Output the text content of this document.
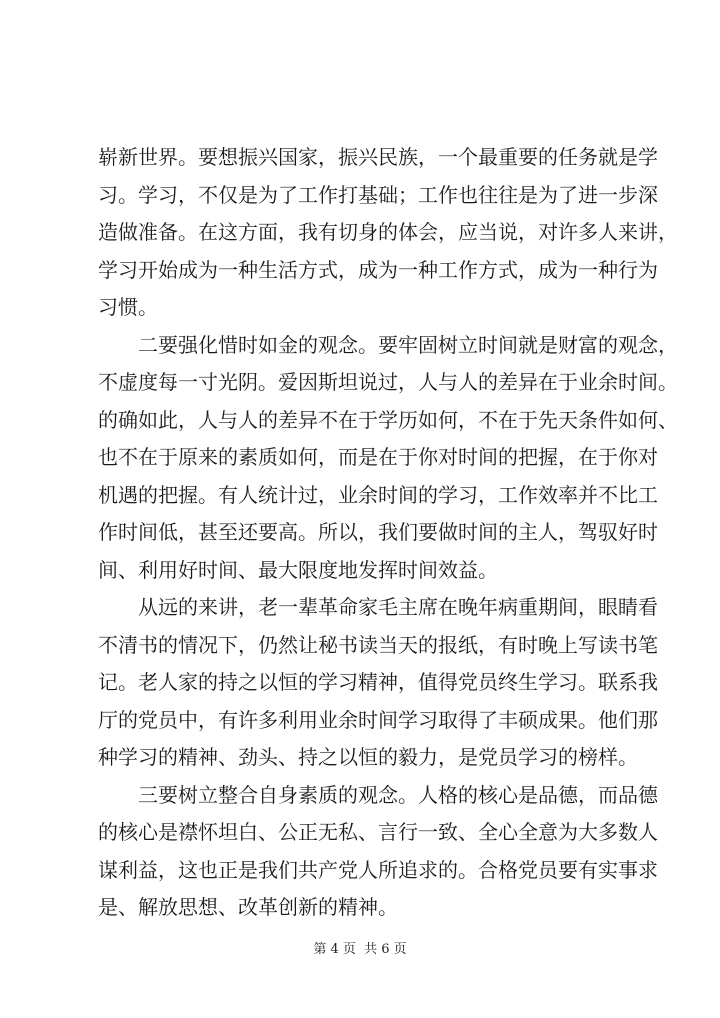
崭新世界。要想振兴国家，振兴民族，一个最重要的任务就是学
习。学习，不仅是为了工作打基础；工作也往往是为了进一步深
造做准备。在这方面，我有切身的体会，应当说，对许多人来讲，
学习开始成为一种生活方式，成为一种工作方式，成为一种行为
习惯。
二要强化惜时如金的观念。要牢固树立时间就是财富的观念，
不虚度每一寸光阴。爱因斯坦说过，人与人的差异在于业余时间。
的确如此，人与人的差异不在于学历如何，不在于先天条件如何、
也不在于原来的素质如何，而是在于你对时间的把握，在于你对
机遇的把握。有人统计过，业余时间的学习，工作效率并不比工
作时间低，甚至还要高。所以，我们要做时间的主人，驾驭好时
间、利用好时间、最大限度地发挥时间效益。
从远的来讲，老一辈革命家毛主席在晚年病重期间，眼睛看
不清书的情况下，仍然让秘书读当天的报纸，有时晚上写读书笔
记。老人家的持之以恒的学习精神，值得党员终生学习。联系我
厅的党员中，有许多利用业余时间学习取得了丰硕成果。他们那
种学习的精神、劲头、持之以恒的毅力，是党员学习的榜样。
三要树立整合自身素质的观念。人格的核心是品德，而品德
的核心是襟怀坦白、公正无私、言行一致、全心全意为大多数人
谋利益，这也正是我们共产党人所追求的。合格党员要有实事求
是、解放思想、改革创新的精神。
第 4 页  共 6 页
